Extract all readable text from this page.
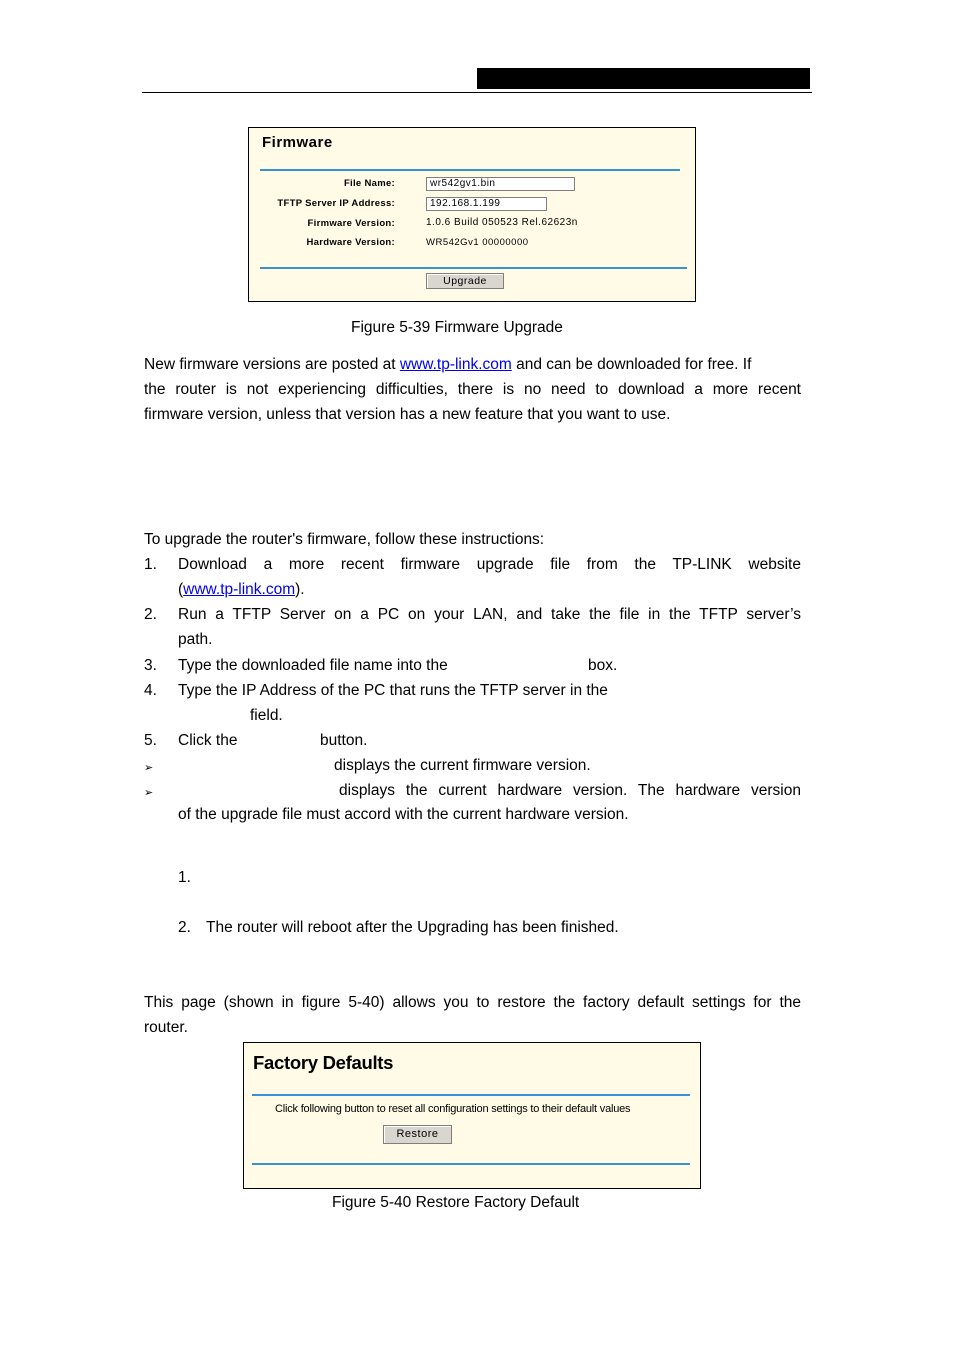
Firmware
File Name:	wr542gv1.bin
TFTP Server IP Address:	192.168.1.199
Firmware Version:	1.0.6 Build 050523 Rel.62623n
Hardware Version:	WR542Gv1 00000000
Upgrade
Figure 5-39 Firmware Upgrade
New firmware versions are posted at www.tp-link.com and can be downloaded for free. If
the router is not experiencing difficulties, there is no need to download a more recent
firmware version, unless that version has a new feature that you want to use.
To upgrade the router's firmware, follow these instructions:
1.	Download a more recent firmware upgrade file from the TP-LINK website
(www.tp-link.com).
2.	Run a TFTP Server on a PC on your LAN, and take the file in the TFTP server’s
path.
3.	Type the downloaded file name into the	box.
4.	Type the IP Address of the PC that runs the TFTP server in the
field.
5.	Click the	button.
➢	displays the current firmware version.
➢	displays the current hardware version. The hardware version
of the upgrade file must accord with the current hardware version.
1.
2. The router will reboot after the Upgrading has been finished.
This page (shown in figure 5-40) allows you to restore the factory default settings for the
router.
Factory Defaults
Click following button to reset all configuration settings to their default values
Restore
Figure 5-40 Restore Factory Default
